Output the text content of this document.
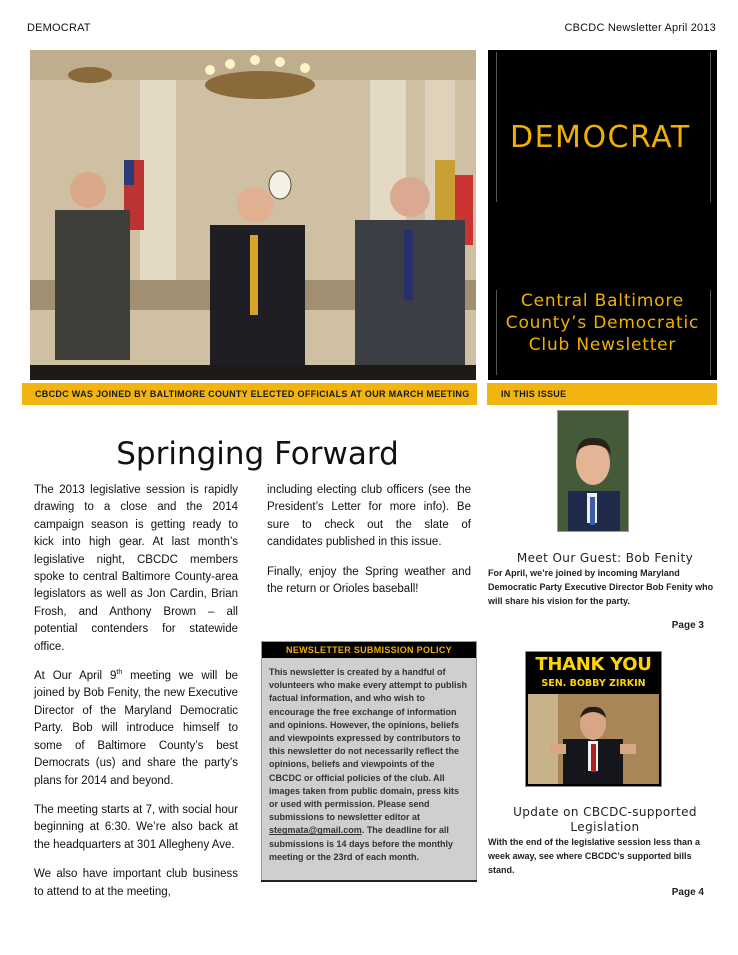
DEMOCRAT	CBCDC Newsletter April 2013
DEMOCRAT
Central Baltimore
County’s Democratic
Club Newsletter
CBCDC WAS JOINED BY BALTIMORE COUNTY ELECTED OFFICIALS AT OUR MARCH MEETING	IN THIS ISSUE
Springing Forward

The 2013 legislative session is rapidly drawing to a close and the 2014 campaign season is getting ready to kick into high gear. At last month’s legislative night, CBCDC members spoke to central Baltimore County-area legislators as well as Jon Cardin, Brian Frosh, and Anthony Brown – all potential contenders for statewide office.

At Our April 9th meeting we will be joined by Bob Fenity, the new Executive Director of the Maryland Democratic Party. Bob will introduce himself to some of Baltimore County’s best Democrats (us) and share the party’s plans for 2014 and beyond.

The meeting starts at 7, with social hour beginning at 6:30. We’re also back at the headquarters at 301 Allegheny Ave.

We also have important club business to attend to at the meeting,

including electing club officers (see the President’s Letter for more info). Be sure to check out the slate of candidates published in this issue.

Finally, enjoy the Spring weather and the return or Orioles baseball!

NEWSLETTER SUBMISSION POLICY
This newsletter is created by a handful of volunteers who make every attempt to publish factual information, and who wish to encourage the free exchange of information and opinions. However, the opinions, beliefs and viewpoints expressed by contributors to this newsletter do not necessarily reflect the opinions, beliefs and viewpoints of the CBCDC or official policies of the club. All images taken from public domain, press kits or used with permission. Please send submissions to newsletter editor at stegmata@gmail.com. The deadline for all submissions is 14 days before the monthly meeting or the 23rd of each month.
Meet Our Guest: Bob Fenity
For April, we’re joined by incoming Maryland Democratic Party Executive Director Bob Fenity who will share his vision for the party.
Page 3
THANK YOU
SEN. BOBBY ZIRKIN
Update on CBCDC-supported Legislation
With the end of the legislative session less than a week away, see where CBCDC’s supported bills stand.
Page 4
